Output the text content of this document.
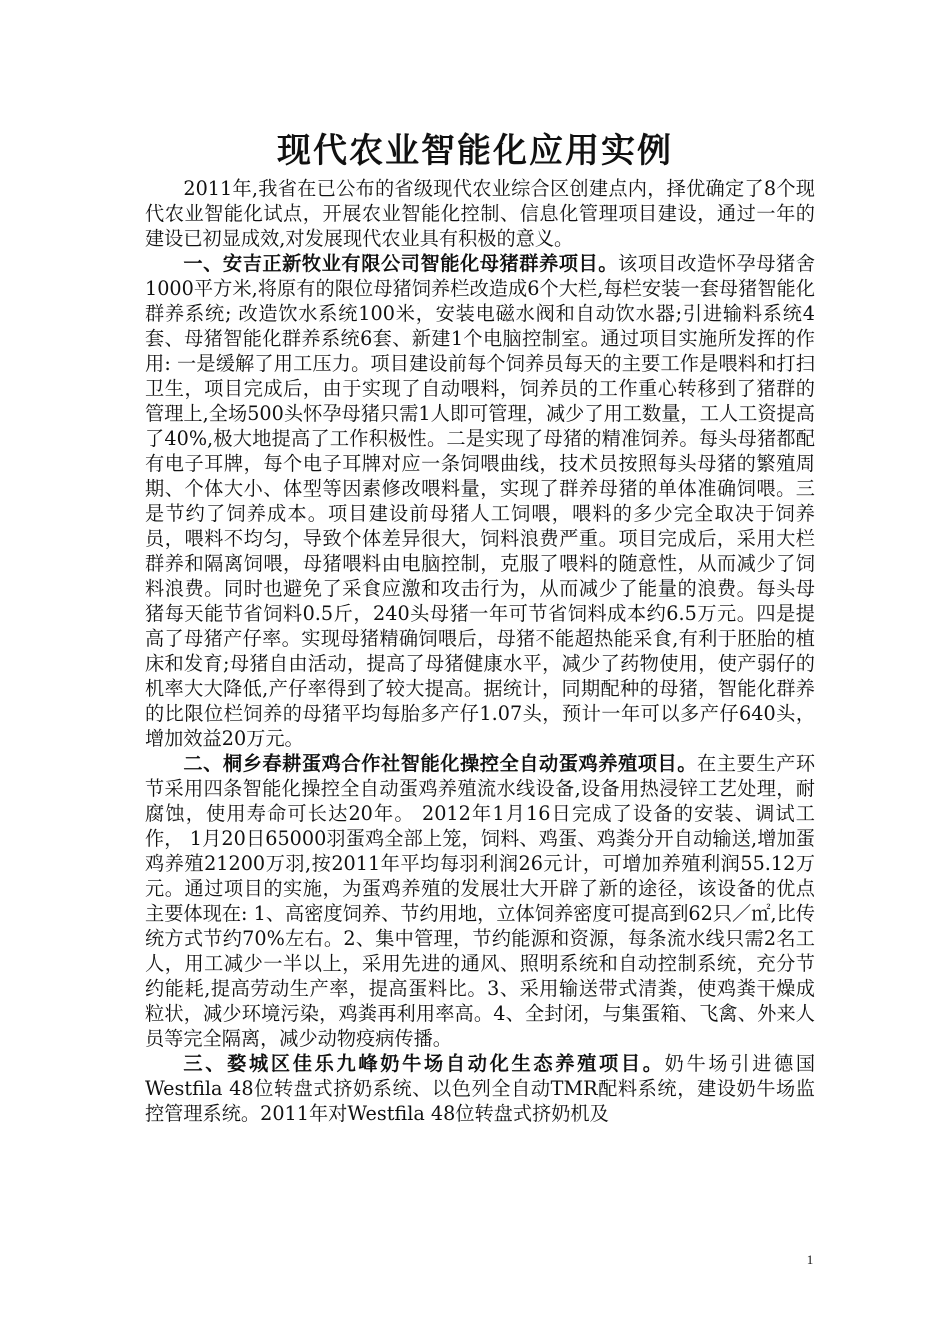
现代农业智能化应用实例

2011年,我省在已公布的省级现代农业综合区创建点内，择优确定了8个现代农业智能化试点，开展农业智能化控制、信息化管理项目建设，通过一年的建设已初显成效,对发展现代农业具有积极的意义。

一、安吉正新牧业有限公司智能化母猪群养项目。该项目改造怀孕母猪舍1000平方米,将原有的限位母猪饲养栏改造成6个大栏,每栏安装一套母猪智能化群养系统; 改造饮水系统100米，安装电磁水阀和自动饮水器;引进输料系统4套、母猪智能化群养系统6套、新建1个电脑控制室。通过项目实施所发挥的作用: 一是缓解了用工压力。项目建设前每个饲养员每天的主要工作是喂料和打扫卫生，项目完成后，由于实现了自动喂料，饲养员的工作重心转移到了猪群的管理上,全场500头怀孕母猪只需1人即可管理，减少了用工数量，工人工资提高了40%,极大地提高了工作积极性。二是实现了母猪的精准饲养。每头母猪都配有电子耳牌，每个电子耳牌对应一条饲喂曲线，技术员按照每头母猪的繁殖周期、个体大小、体型等因素修改喂料量，实现了群养母猪的单体准确饲喂。三是节约了饲养成本。项目建设前母猪人工饲喂，喂料的多少完全取决于饲养员，喂料不均匀，导致个体差异很大，饲料浪费严重。项目完成后，采用大栏群养和隔离饲喂，母猪喂料由电脑控制，克服了喂料的随意性，从而减少了饲料浪费。同时也避免了采食应激和攻击行为，从而减少了能量的浪费。每头母猪每天能节省饲料0.5斤，240头母猪一年可节省饲料成本约6.5万元。四是提高了母猪产仔率。实现母猪精确饲喂后，母猪不能超热能采食,有利于胚胎的植床和发育;母猪自由活动，提高了母猪健康水平，减少了药物使用，使产弱仔的机率大大降低,产仔率得到了较大提高。据统计，同期配种的母猪，智能化群养的比限位栏饲养的母猪平均每胎多产仔1.07头，预计一年可以多产仔640头，增加效益20万元。

二、桐乡春耕蛋鸡合作社智能化操控全自动蛋鸡养殖项目。在主要生产环节采用四条智能化操控全自动蛋鸡养殖流水线设备,设备用热浸锌工艺处理，耐腐蚀，使用寿命可长达20年。 2012年1月16日完成了设备的安装、调试工作， 1月20日65000羽蛋鸡全部上笼，饲料、鸡蛋、鸡粪分开自动输送,增加蛋鸡养殖21200万羽,按2011年平均每羽利润26元计，可增加养殖利润55.12万元。通过项目的实施，为蛋鸡养殖的发展壮大开辟了新的途径，该设备的优点主要体现在: 1、高密度饲养、节约用地，立体饲养密度可提高到62只／㎡,比传统方式节约70%左右。2、集中管理，节约能源和资源，每条流水线只需2名工人，用工减少一半以上，采用先进的通风、照明系统和自动控制系统，充分节约能耗,提高劳动生产率，提高蛋料比。3、采用输送带式清粪，使鸡粪干燥成粒状，减少环境污染，鸡粪再利用率高。4、全封闭，与集蛋箱、飞禽、外来人员等完全隔离，减少动物疫病传播。

三、婺城区佳乐九峰奶牛场自动化生态养殖项目。奶牛场引进德国Westfila 48位转盘式挤奶系统、以色列全自动TMR配料系统，建设奶牛场监控管理系统。2011年对Westfila 48位转盘式挤奶机及

1
